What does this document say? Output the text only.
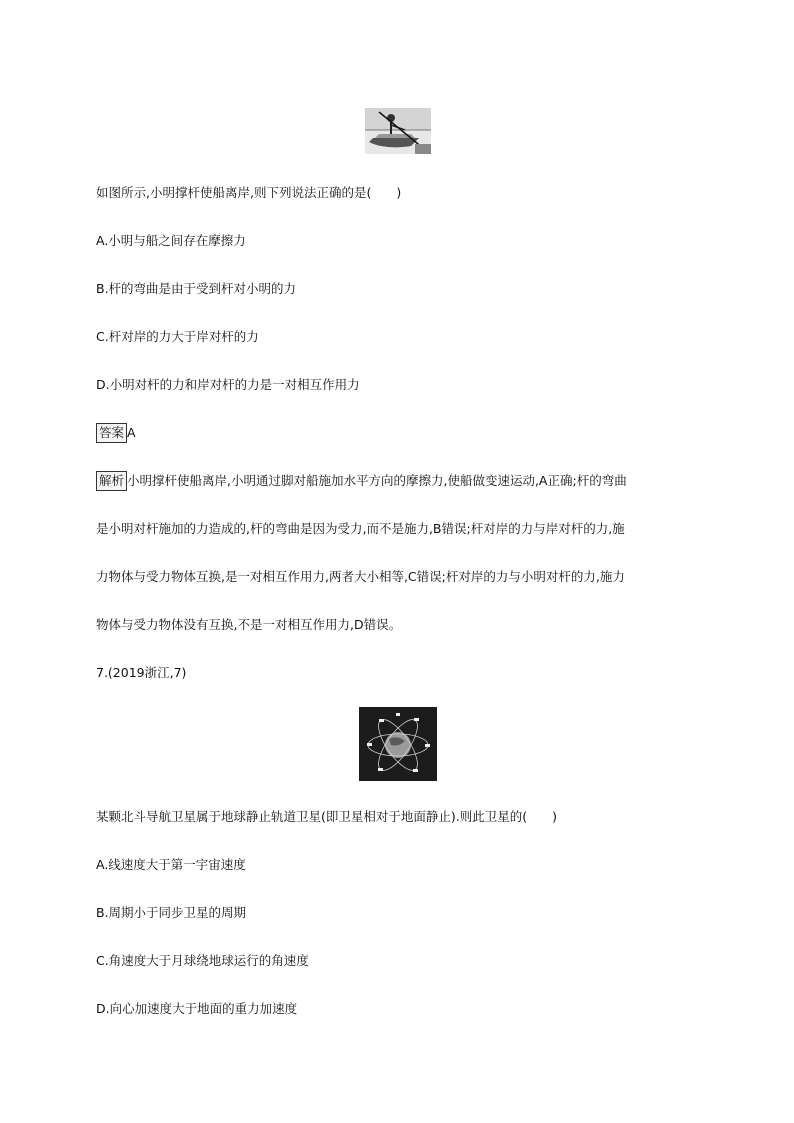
如图所示,小明撑杆使船离岸,则下列说法正确的是(　　)
A.小明与船之间存在摩擦力
B.杆的弯曲是由于受到杆对小明的力
C.杆对岸的力大于岸对杆的力
D.小明对杆的力和岸对杆的力是一对相互作用力
答案 A
解析 小明撑杆使船离岸,小明通过脚对船施加水平方向的摩擦力,使船做变速运动,A正确;杆的弯曲
是小明对杆施加的力造成的,杆的弯曲是因为受力,而不是施力,B错误;杆对岸的力与岸对杆的力,施
力物体与受力物体互换,是一对相互作用力,两者大小相等,C错误;杆对岸的力与小明对杆的力,施力
物体与受力物体没有互换,不是一对相互作用力,D错误。
7.(2019浙江,7)
某颗北斗导航卫星属于地球静止轨道卫星(即卫星相对于地面静止).则此卫星的(　　)
A.线速度大于第一宇宙速度
B.周期小于同步卫星的周期
C.角速度大于月球绕地球运行的角速度
D.向心加速度大于地面的重力加速度
